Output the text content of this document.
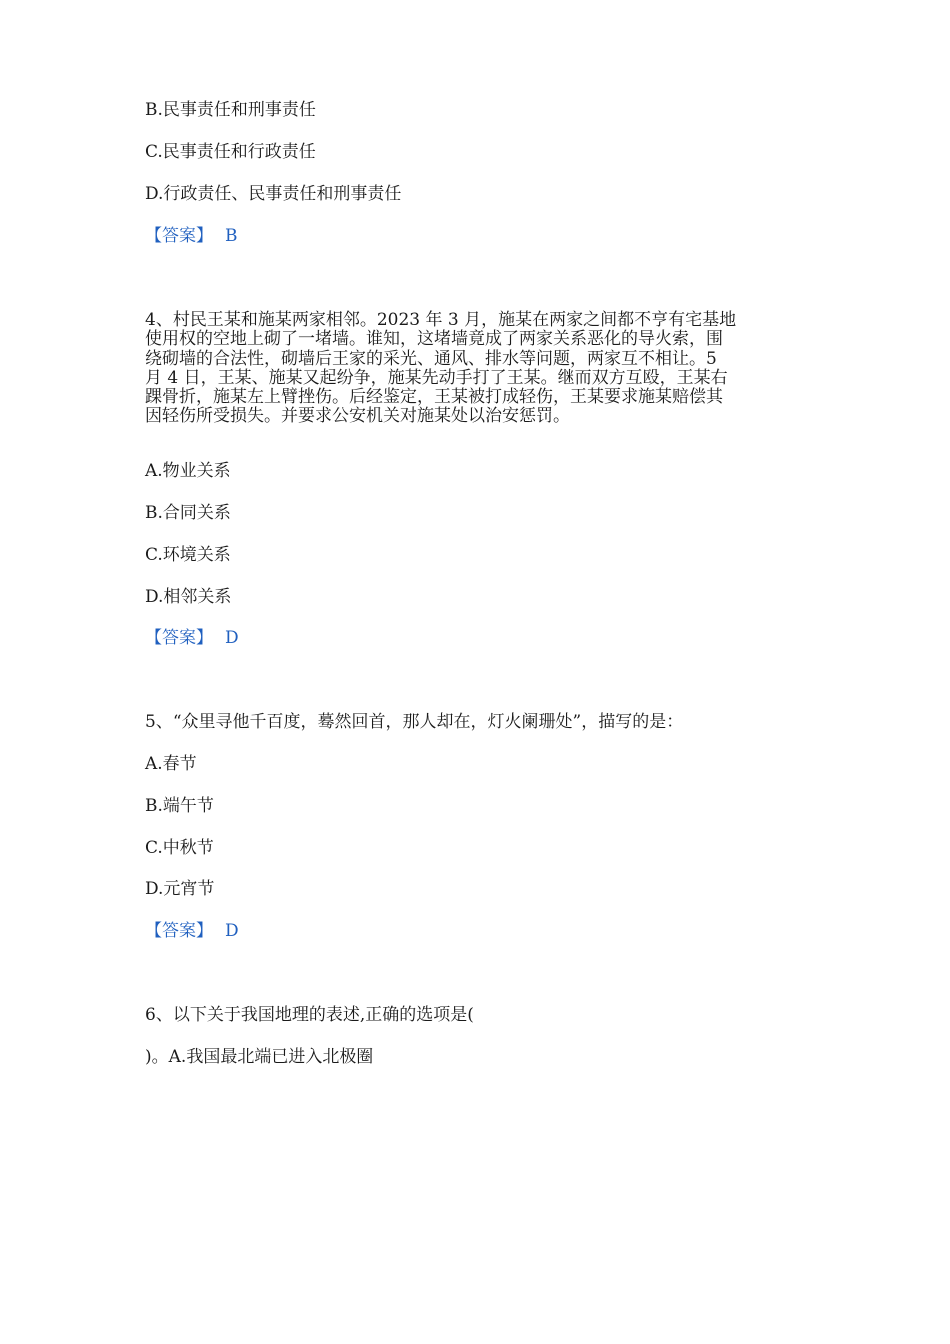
B.民事责任和刑事责任
C.民事责任和行政责任
D.行政责任、民事责任和刑事责任
【答案】 B
4、村民王某和施某两家相邻。2023 年 3 月，施某在两家之间都不亨有宅基地
使用权的空地上砌了一堵墙。谁知，这堵墙竟成了两家关系恶化的导火索，围
绕砌墙的合法性，砌墙后王家的采光、通风、排水等问题，两家互不相让。5
月 4 日，王某、施某又起纷争，施某先动手打了王某。继而双方互殴，王某右
踝骨折，施某左上臂挫伤。后经鉴定，王某被打成轻伤，王某要求施某赔偿其
因轻伤所受损失。并要求公安机关对施某处以治安惩罚。
A.物业关系
B.合同关系
C.环境关系
D.相邻关系
【答案】 D
5、“众里寻他千百度，蓦然回首，那人却在，灯火阑珊处”，描写的是：
A.春节
B.端午节
C.中秋节
D.元宵节
【答案】 D
6、以下关于我国地理的表述,正确的选项是(
)。A.我国最北端已进入北极圈
